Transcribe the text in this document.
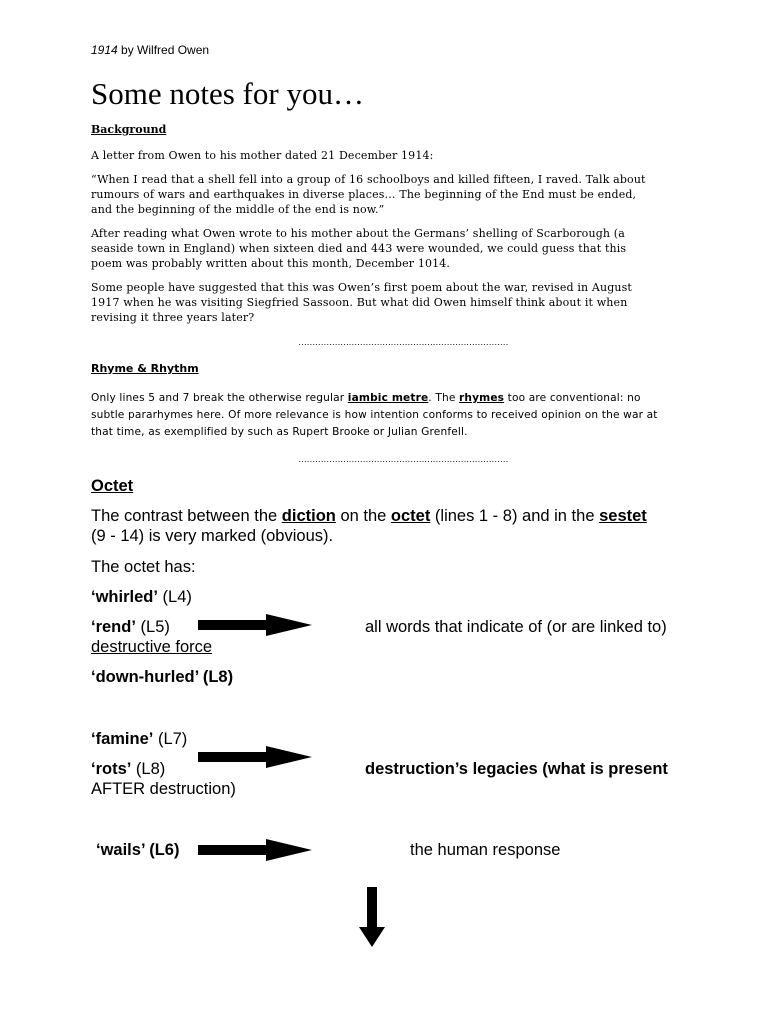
1914 by Wilfred Owen
Some notes for you…
Background
A letter from Owen to his mother dated 21 December 1914:
“When I read that a shell fell into a group of 16 schoolboys and killed fifteen, I raved. Talk about
rumours of wars and earthquakes in diverse places… The beginning of the End must be ended,
and the beginning of the middle of the end is now.”
After reading what Owen wrote to his mother about the Germans’ shelling of Scarborough (a
seaside town in England) when sixteen died and 443 were wounded, we could guess that this
poem was probably written about this month, December 1014.
Some people have suggested that this was Owen’s first poem about the war, revised in August
1917 when he was visiting Siegfried Sassoon. But what did Owen himself think about it when
revising it three years later?
…………………………………………………………………
Rhyme & Rhythm
Only lines 5 and 7 break the otherwise regular iambic metre. The rhymes too are conventional: no
subtle pararhymes here. Of more relevance is how intention conforms to received opinion on the war at
that time, as exemplified by such as Rupert Brooke or Julian Grenfell.
…………………………………………………………………
Octet
The contrast between the diction on the octet (lines 1 - 8) and in the sestet
(9 - 14) is very marked (obvious).
The octet has:
‘whirled’ (L4)
‘rend’ (L5)	all words that indicate of (or are linked to)
destructive force
‘down-hurled’ (L8)
‘famine’ (L7)
‘rots’ (L8)	destruction’s legacies (what is present
AFTER destruction)
‘wails’ (L6)	the human response
